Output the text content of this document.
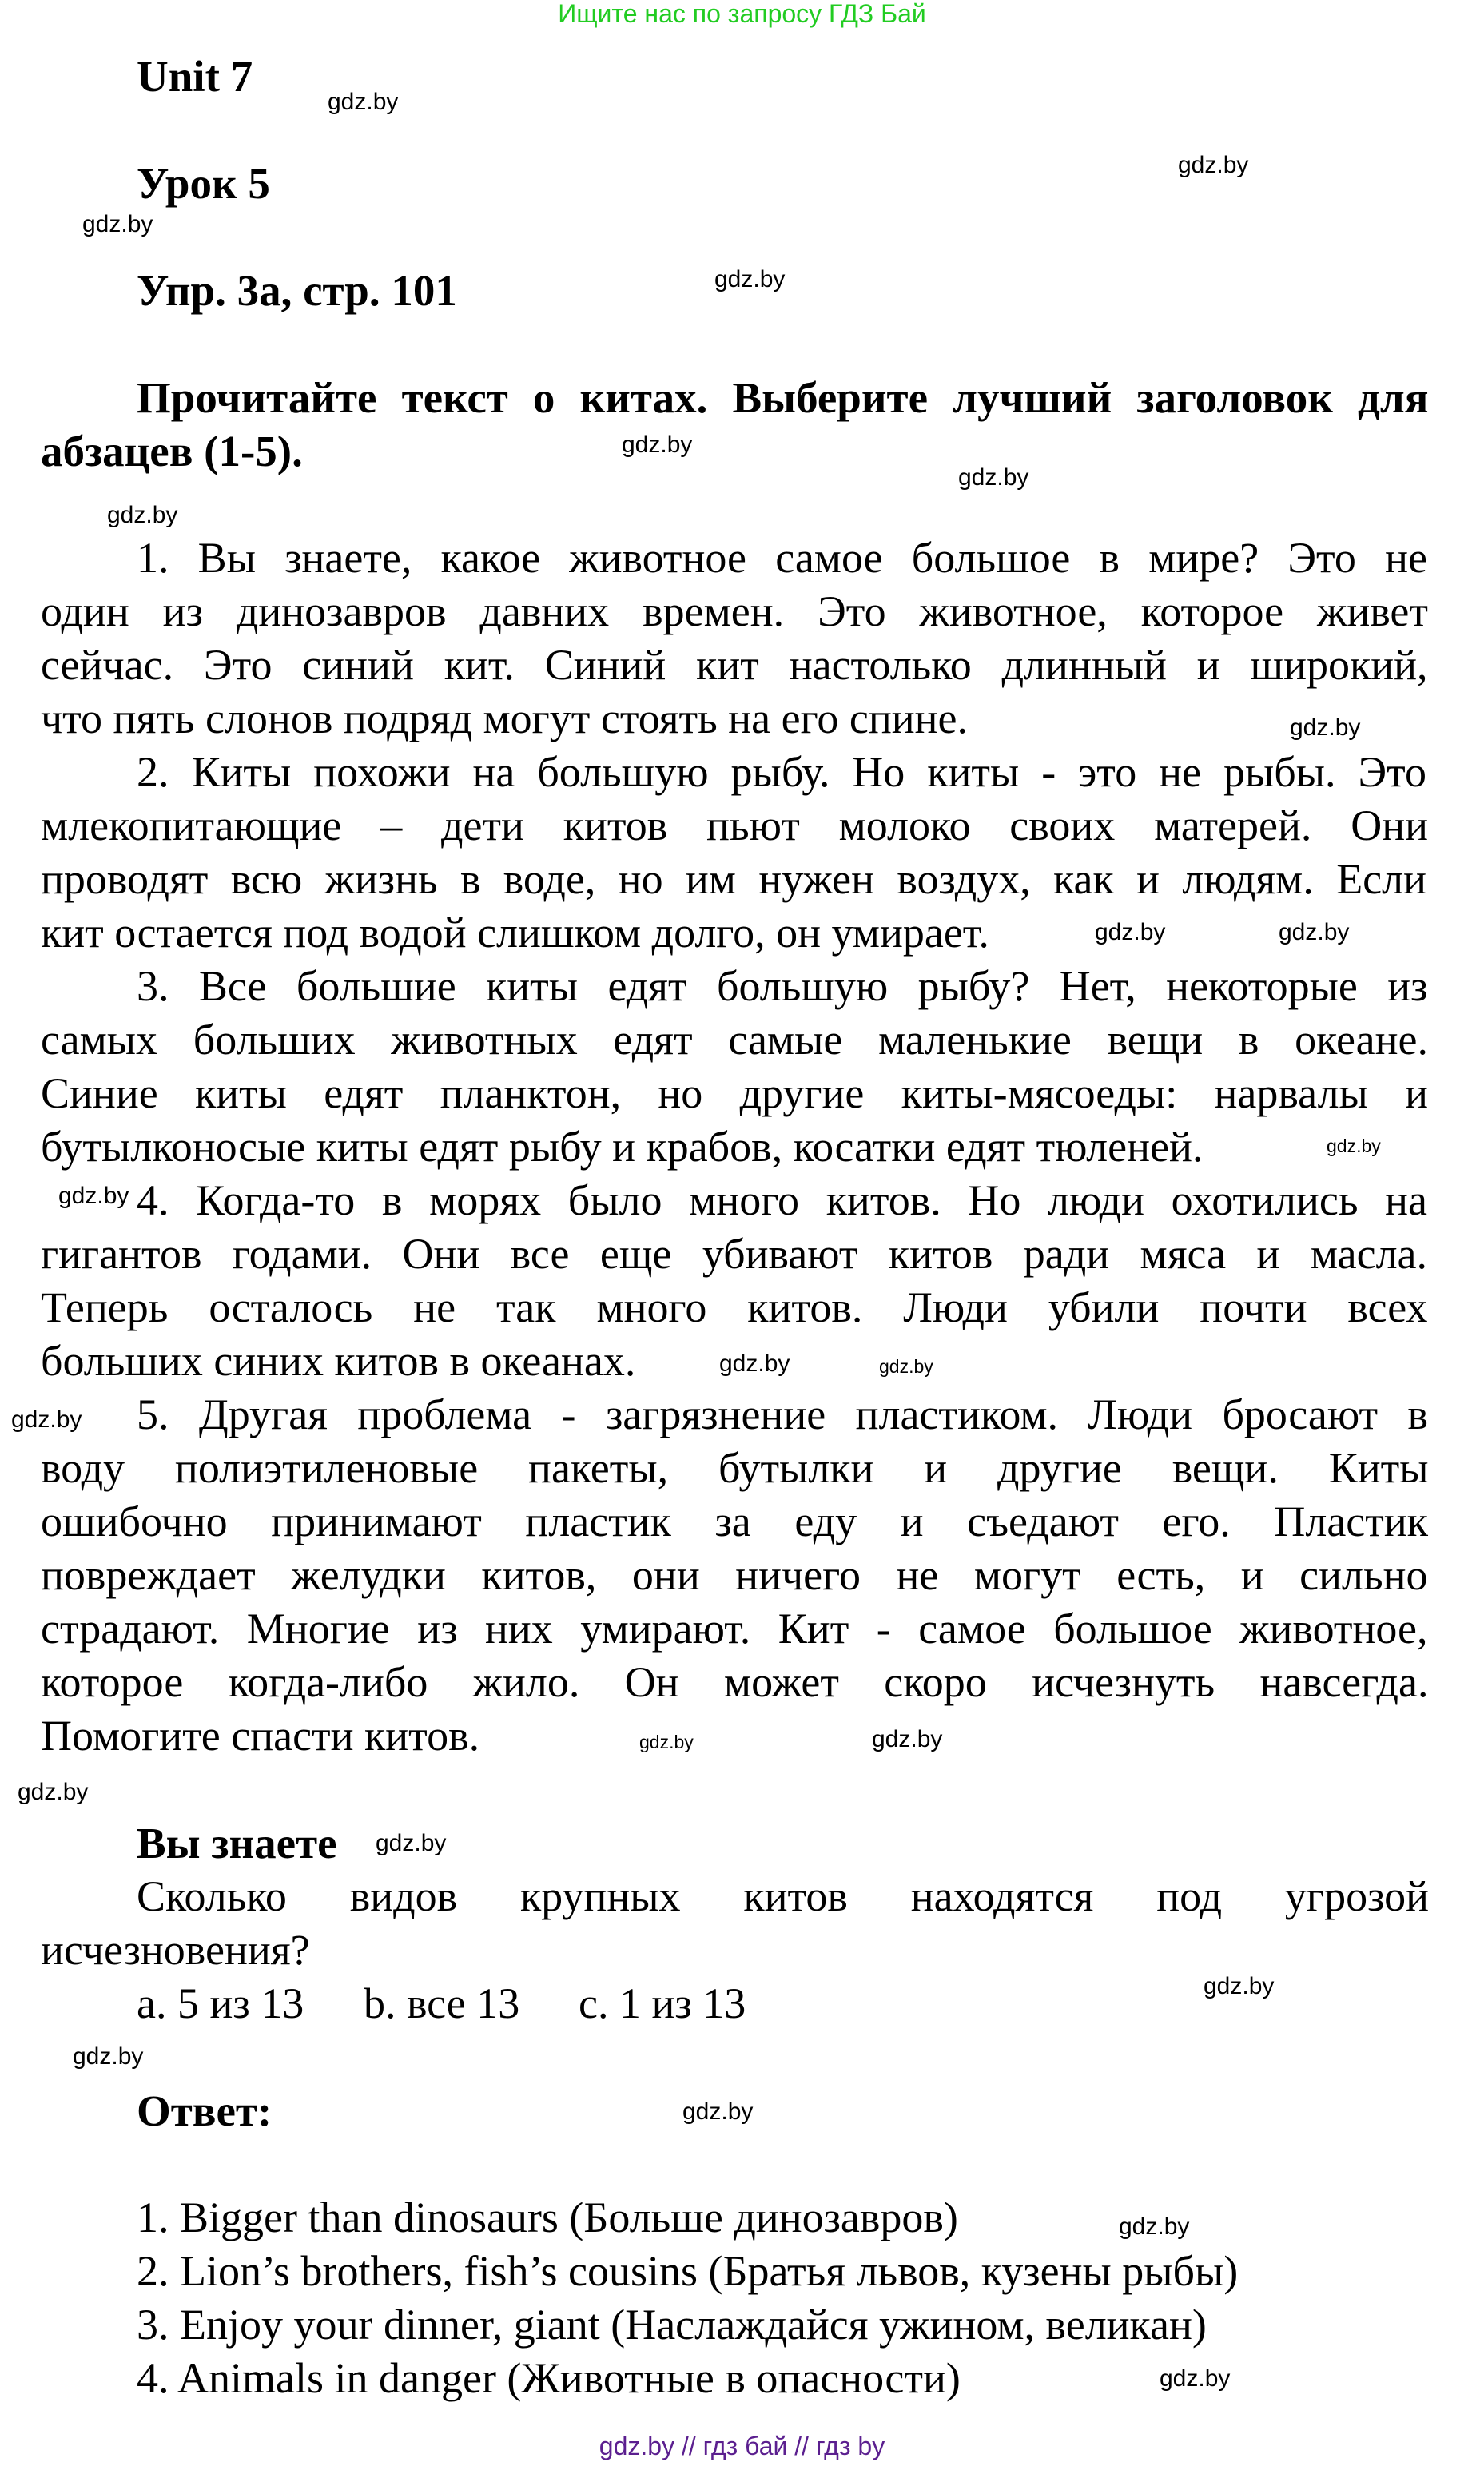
Ищите нас по запросу ГДЗ Бай
Unit 7
Урок 5
Упр. 3а, стр. 101
Прочитайте текст о китах. Выберите лучший заголовок для
абзацев (1-5).
1. Вы знаете, какое животное самое большое в мире? Это не
один из динозавров давних времен. Это животное, которое живет
сейчас. Это синий кит. Синий кит настолько длинный и широкий,
что пять слонов подряд могут стоять на его спине.
2. Киты похожи на большую рыбу. Но киты - это не рыбы. Это
млекопитающие – дети китов пьют молоко своих матерей. Они
проводят всю жизнь в воде, но им нужен воздух, как и людям. Если
кит остается под водой слишком долго, он умирает.
3. Все большие киты едят большую рыбу? Нет, некоторые из
самых больших животных едят самые маленькие вещи в океане.
Синие киты едят планктон, но другие киты-мясоеды: нарвалы и
бутылконосые киты едят рыбу и крабов, косатки едят тюленей.
4. Когда-то в морях было много китов. Но люди охотились на
гигантов годами. Они все еще убивают китов ради мяса и масла.
Теперь осталось не так много китов. Люди убили почти всех
больших синих китов в океанах.
5. Другая проблема - загрязнение пластиком. Люди бросают в
воду полиэтиленовые пакеты, бутылки и другие вещи. Киты
ошибочно принимают пластик за еду и съедают его. Пластик
повреждает желудки китов, они ничего не могут есть, и сильно
страдают. Многие из них умирают. Кит - самое большое животное,
которое когда-либо жило. Он может скоро исчезнуть навсегда.
Помогите спасти китов.
Вы знаете
Сколько видов крупных китов находятся под угрозой
исчезновения?
a. 5 из 13 b. все 13 c. 1 из 13
Ответ:
1. Bigger than dinosaurs (Больше динозавров)
2. Lion’s brothers, fish’s cousins (Братья львов, кузены рыбы)
3. Enjoy your dinner, giant (Наслаждайся ужином, великан)
4. Animals in danger (Животные в опасности)
gdz.by
gdz.by
gdz.by
gdz.by
gdz.by
gdz.by
gdz.by
gdz.by
gdz.by	gdz.by
gdz.by
gdz.by
gdz.by	gdz.by
gdz.by
gdz.by	gdz.by
gdz.by
gdz.by
gdz.by
gdz.by
gdz.by
gdz.by
gdz.by
gdz.by // гдз бай // гдз by
